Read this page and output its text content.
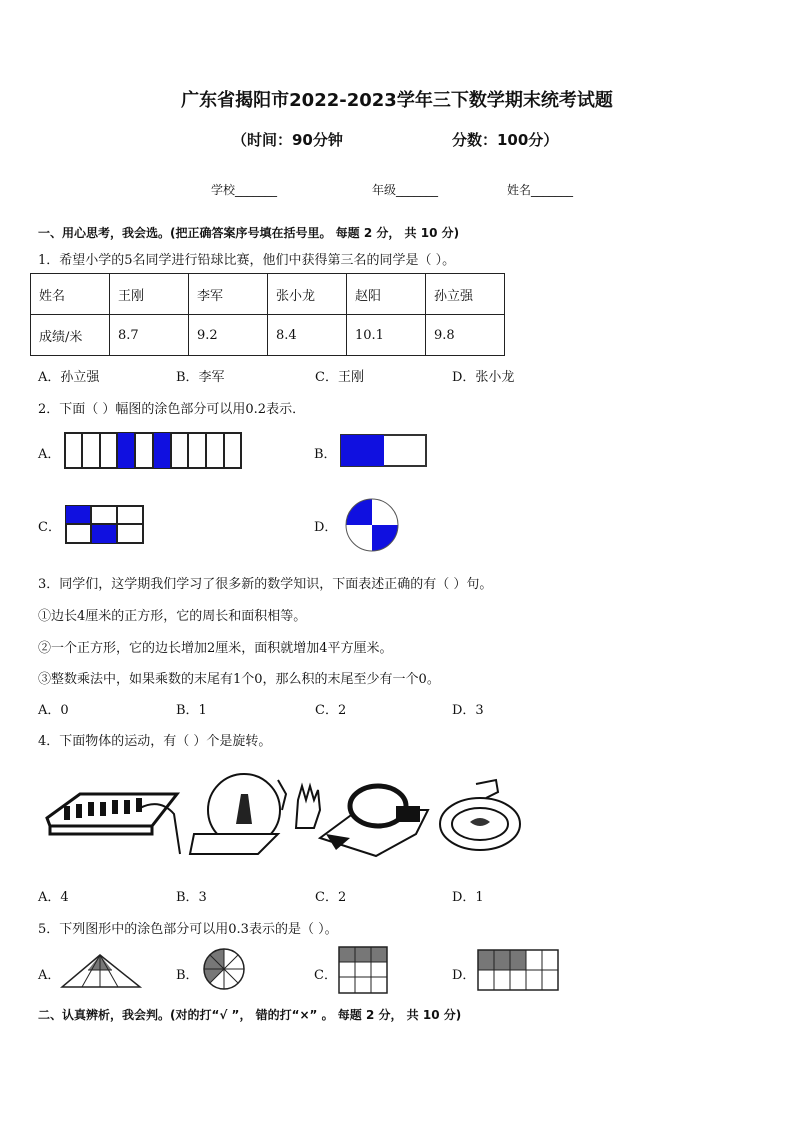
广东省揭阳市2022-2023学年三下数学期末统考试题
（时间：90分钟	分数：100分）
学校_______	年级_______	姓名_______
一、用心思考，我会选。(把正确答案序号填在括号里。 每题 2 分， 共 10 分)
1．希望小学的5名同学进行铅球比赛，他们中获得第三名的同学是（ ）。
姓名	王刚	李军	张小龙	赵阳	孙立强
成绩/米	8.7	9.2	8.4	10.1	9.8
A．孙立强	B．李军	C．王刚	D．张小龙
2．下面（ ）幅图的涂色部分可以用0.2表示．
A．	B．
C．	D．
3．同学们，这学期我们学习了很多新的数学知识，下面表述正确的有（ ）句。
①边长4厘米的正方形，它的周长和面积相等。
②一个正方形，它的边长增加2厘米，面积就增加4平方厘米。
③整数乘法中，如果乘数的末尾有1个0，那么积的末尾至少有一个0。
A．0	B．1	C．2	D．3
4．下面物体的运动，有（ ）个是旋转。
A．4	B．3	C．2	D．1
5．下列图形中的涂色部分可以用0.3表示的是（ ）。
A．	B．	C．	D．
二、认真辨析，我会判。(对的打“√ ”， 错的打“×” 。 每题 2 分， 共 10 分)
